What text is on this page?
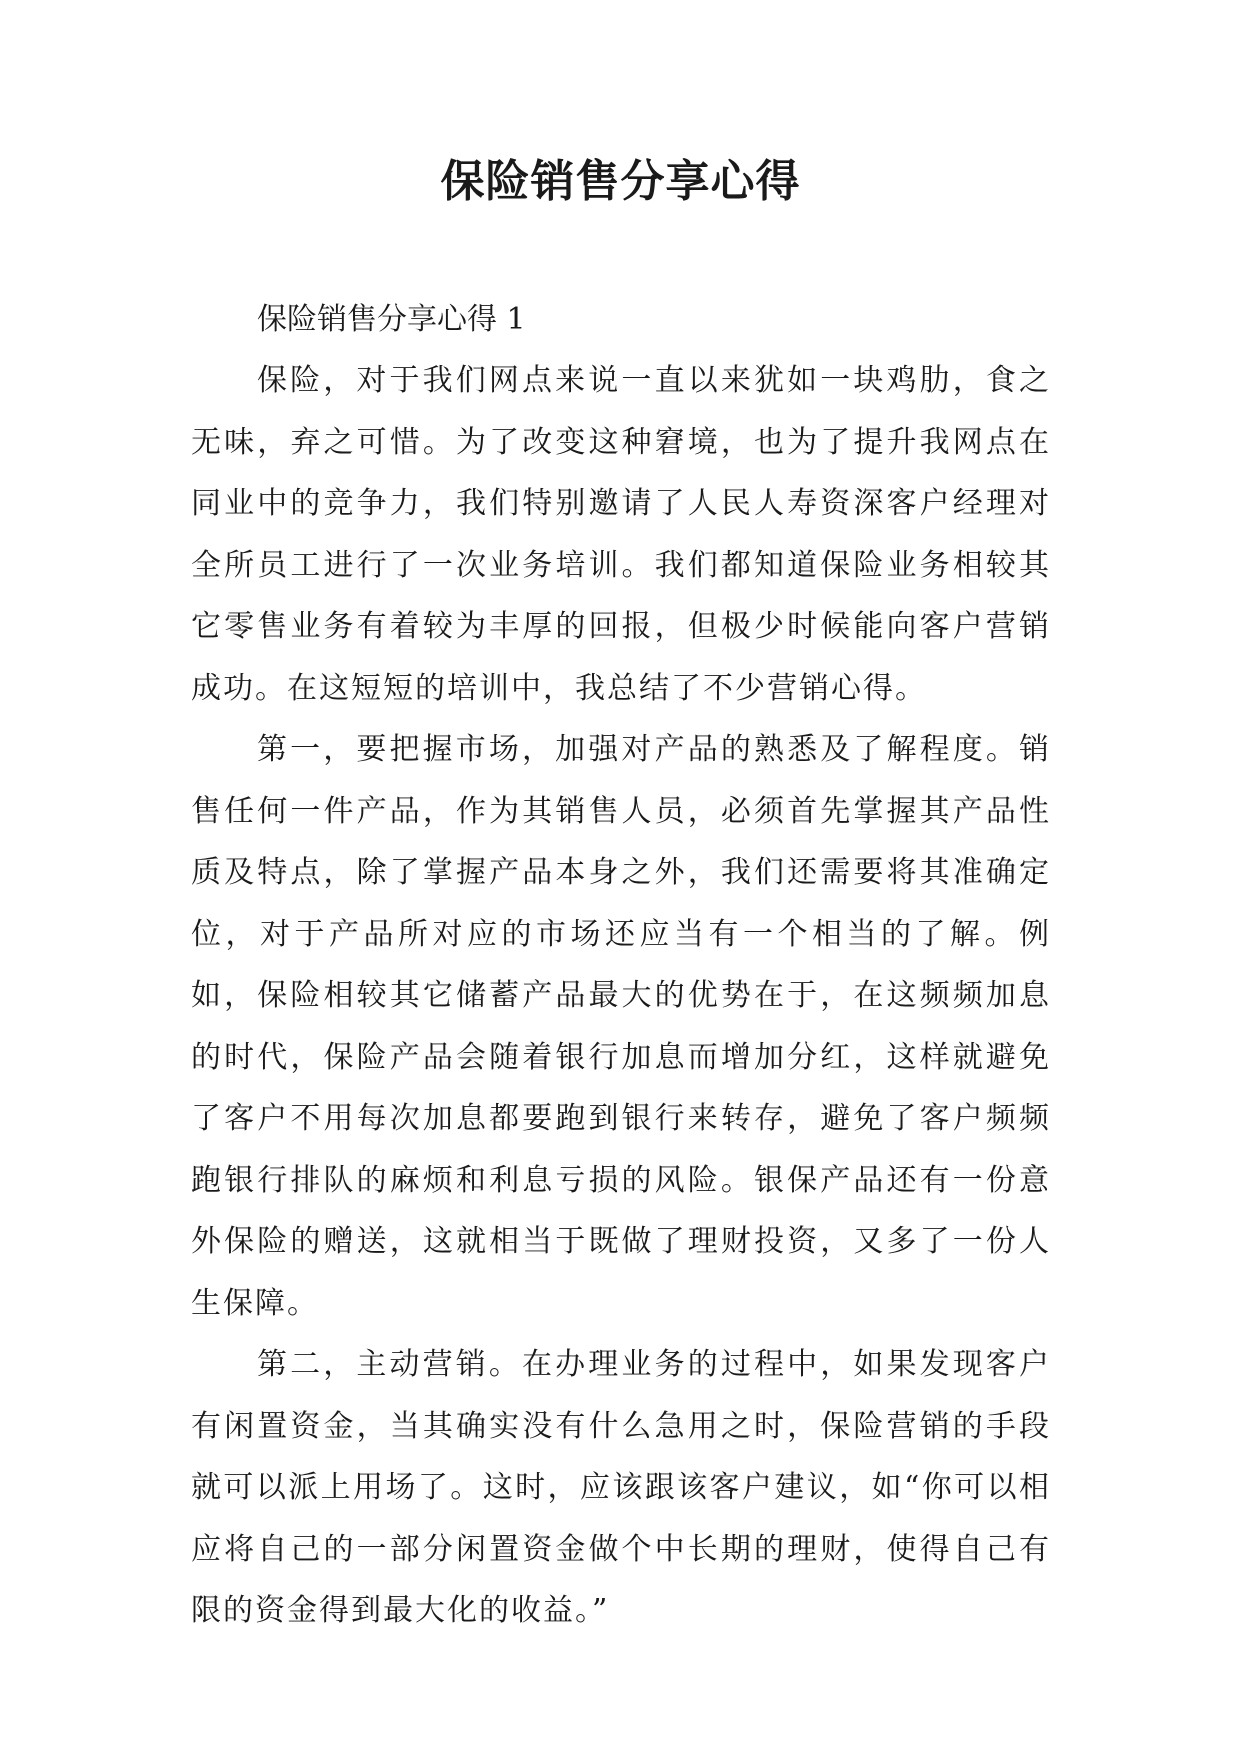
保险销售分享心得

保险销售分享心得 1

保险，对于我们网点来说一直以来犹如一块鸡肋，食之无味，弃之可惜。为了改变这种窘境，也为了提升我网点在同业中的竞争力，我们特别邀请了人民人寿资深客户经理对全所员工进行了一次业务培训。我们都知道保险业务相较其它零售业务有着较为丰厚的回报，但极少时候能向客户营销成功。在这短短的培训中，我总结了不少营销心得。

第一，要把握市场，加强对产品的熟悉及了解程度。销售任何一件产品，作为其销售人员，必须首先掌握其产品性质及特点，除了掌握产品本身之外，我们还需要将其准确定位，对于产品所对应的市场还应当有一个相当的了解。例如，保险相较其它储蓄产品最大的优势在于，在这频频加息的时代，保险产品会随着银行加息而增加分红，这样就避免了客户不用每次加息都要跑到银行来转存，避免了客户频频跑银行排队的麻烦和利息亏损的风险。银保产品还有一份意外保险的赠送，这就相当于既做了理财投资，又多了一份人生保障。

第二，主动营销。在办理业务的过程中，如果发现客户有闲置资金，当其确实没有什么急用之时，保险营销的手段就可以派上用场了。这时，应该跟该客户建议，如“你可以相应将自己的一部分闲置资金做个中长期的理财，使得自己有限的资金得到最大化的收益。”
